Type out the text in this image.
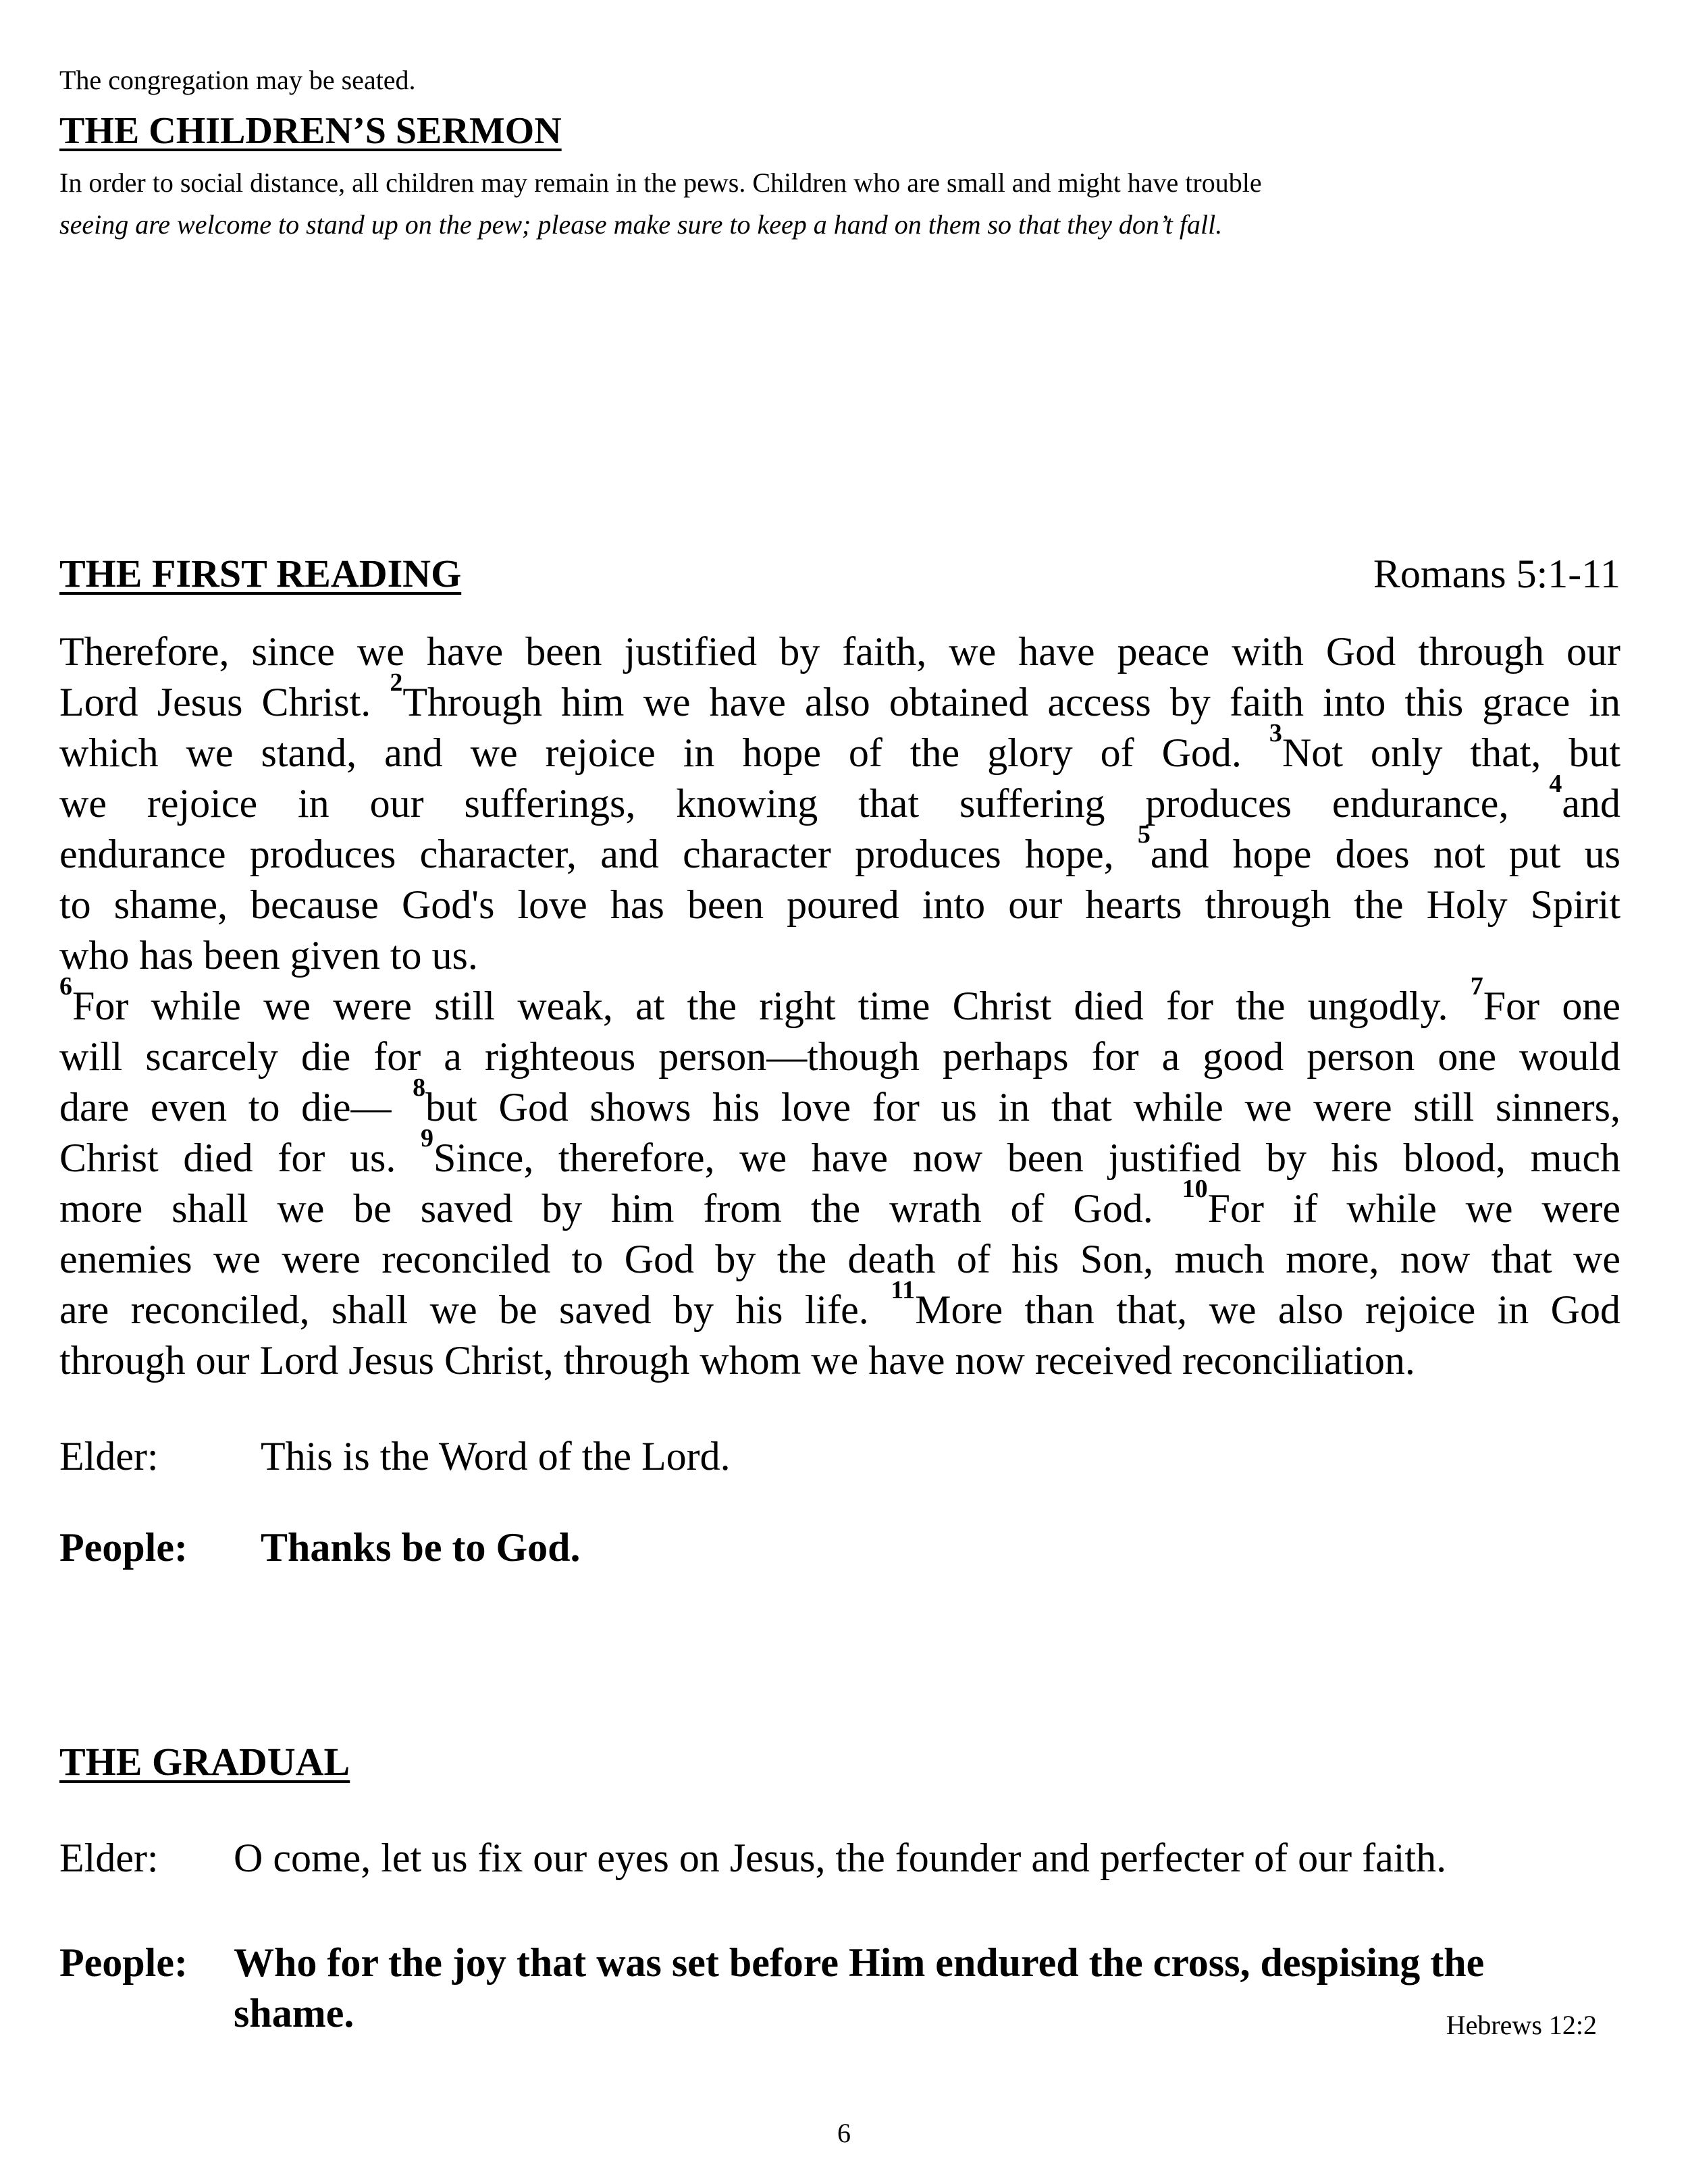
The congregation may be seated.
THE CHILDREN’S SERMON
In order to social distance, all children may remain in the pews. Children who are small and might have trouble
seeing are welcome to stand up on the pew; please make sure to keep a hand on them so that they don’t fall.
THE FIRST READING	Romans 5:1-11
Therefore, since we have been justified by faith, we have peace with God through our
Lord Jesus Christ. $^2$Through him we have also obtained access by faith into this grace in
which we stand, and we rejoice in hope of the glory of God. $^3$Not only that, but
we rejoice in our sufferings, knowing that suffering produces endurance, $^4$and
endurance produces character, and character produces hope, $^5$and hope does not put us
to shame, because God's love has been poured into our hearts through the Holy Spirit
who has been given to us.
$^6$For while we were still weak, at the right time Christ died for the ungodly. $^7$For one
will scarcely die for a righteous person—though perhaps for a good person one would
dare even to die— $^8$but God shows his love for us in that while we were still sinners,
Christ died for us. $^9$Since, therefore, we have now been justified by his blood, much
more shall we be saved by him from the wrath of God. $^{10}$For if while we were
enemies we were reconciled to God by the death of his Son, much more, now that we
are reconciled, shall we be saved by his life. $^{11}$More than that, we also rejoice in God
through our Lord Jesus Christ, through whom we have now received reconciliation.
Elder:	This is the Word of the Lord.
People: Thanks be to God.
THE GRADUAL
Elder: O come, let us fix our eyes on Jesus, the founder and perfecter of our faith.
People: Who for the joy that was set before Him endured the cross, despising the
shame.	Hebrews 12:2
6
